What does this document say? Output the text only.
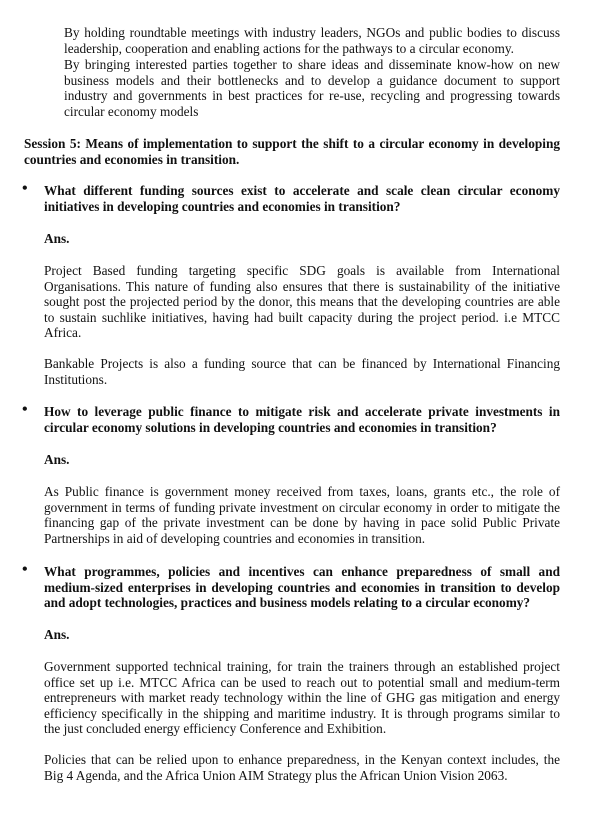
By holding roundtable meetings with industry leaders, NGOs and public bodies to discuss leadership, cooperation and enabling actions for the pathways to a circular economy.
By bringing interested parties together to share ideas and disseminate know-how on new business models and their bottlenecks and to develop a guidance document to support industry and governments in best practices for re-use, recycling and progressing towards circular economy models
Session 5: Means of implementation to support the shift to a circular economy in developing countries and economies in transition.
• What different funding sources exist to accelerate and scale clean circular economy initiatives in developing countries and economies in transition?
Ans.
Project Based funding targeting specific SDG goals is available from International Organisations. This nature of funding also ensures that there is sustainability of the initiative sought post the projected period by the donor, this means that the developing countries are able to sustain suchlike initiatives, having had built capacity during the project period. i.e MTCC Africa.
Bankable Projects is also a funding source that can be financed by International Financing Institutions.
• How to leverage public finance to mitigate risk and accelerate private investments in circular economy solutions in developing countries and economies in transition?
Ans.
As Public finance is government money received from taxes, loans, grants etc., the role of government in terms of funding private investment on circular economy in order to mitigate the financing gap of the private investment can be done by having in pace solid Public Private Partnerships in aid of developing countries and economies in transition.
• What programmes, policies and incentives can enhance preparedness of small and medium-sized enterprises in developing countries and economies in transition to develop and adopt technologies, practices and business models relating to a circular economy?
Ans.
Government supported technical training, for train the trainers through an established project office set up i.e. MTCC Africa can be used to reach out to potential small and medium-term entrepreneurs with market ready technology within the line of GHG gas mitigation and energy efficiency specifically in the shipping and maritime industry. It is through programs similar to the just concluded energy efficiency Conference and Exhibition.
Policies that can be relied upon to enhance preparedness, in the Kenyan context includes, the Big 4 Agenda, and the Africa Union AIM Strategy plus the African Union Vision 2063.
